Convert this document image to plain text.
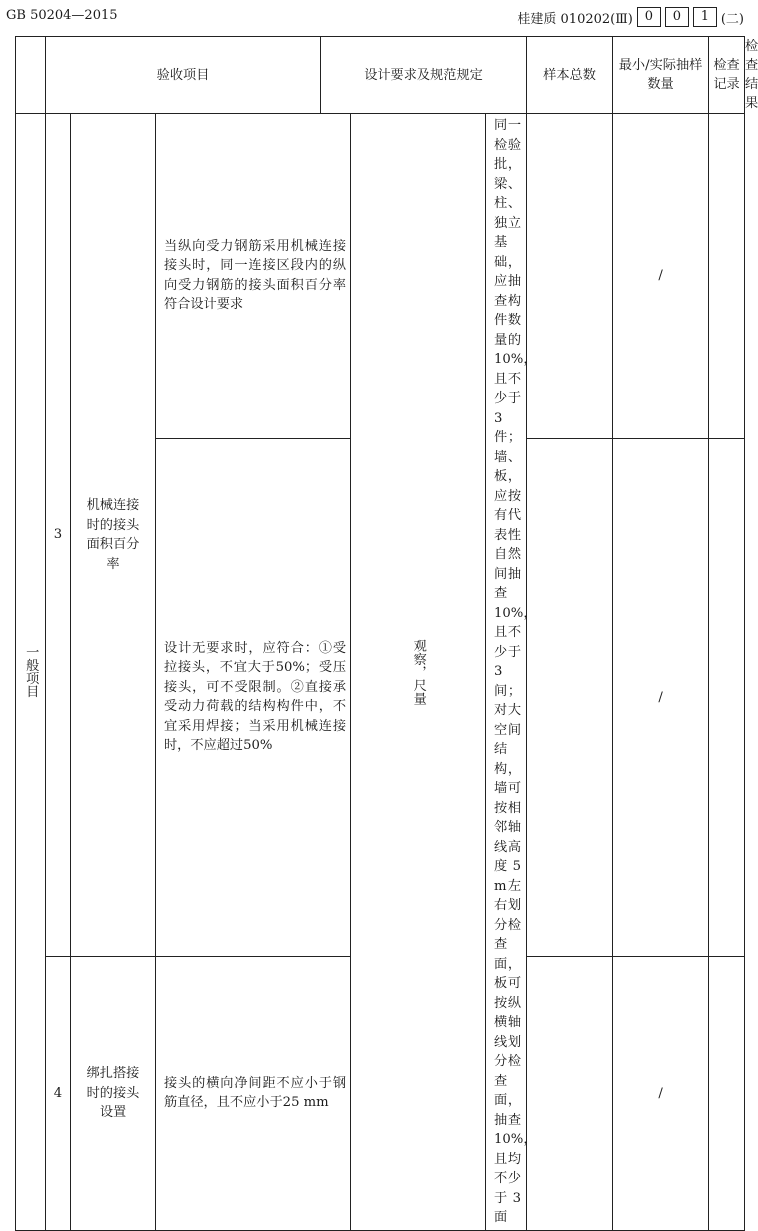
GB 50204—2015	桂建质 010202(Ⅲ) 0	0	1 (二)
	验收项目			设计要求及规范规定			样本总数	最小/实际抽样数量	检查记录	检查结果

一般项目	3	机械连接时的接头面积百分率	当纵向受力钢筋采用机械连接接头时，同一连接区段内的纵向受力钢筋的接头面积百分率符合设计要求		观察，尺量	同一检验批，梁、柱、独立基础，应抽查构件数量的10%，且不少于3件；墙、板，应按有代表性自然间抽查10%，且不少于3间；对大空间结构，墙可按相邻轴线高度5 m左右划分检查面，板可按纵横轴线划分检查面，抽查10%，且均不少于3面		/		
			设计无要求时，应符合：①受拉接头，不宜大于50%；受压接头，可不受限制。②直接承受动力荷载的结构构件中，不宜采用焊接；当采用机械连接时，不应超过50%					/		
	4	绑扎搭接时的接头设置	接头的横向净间距不应小于钢筋直径，且不应小于25 mm					/		
